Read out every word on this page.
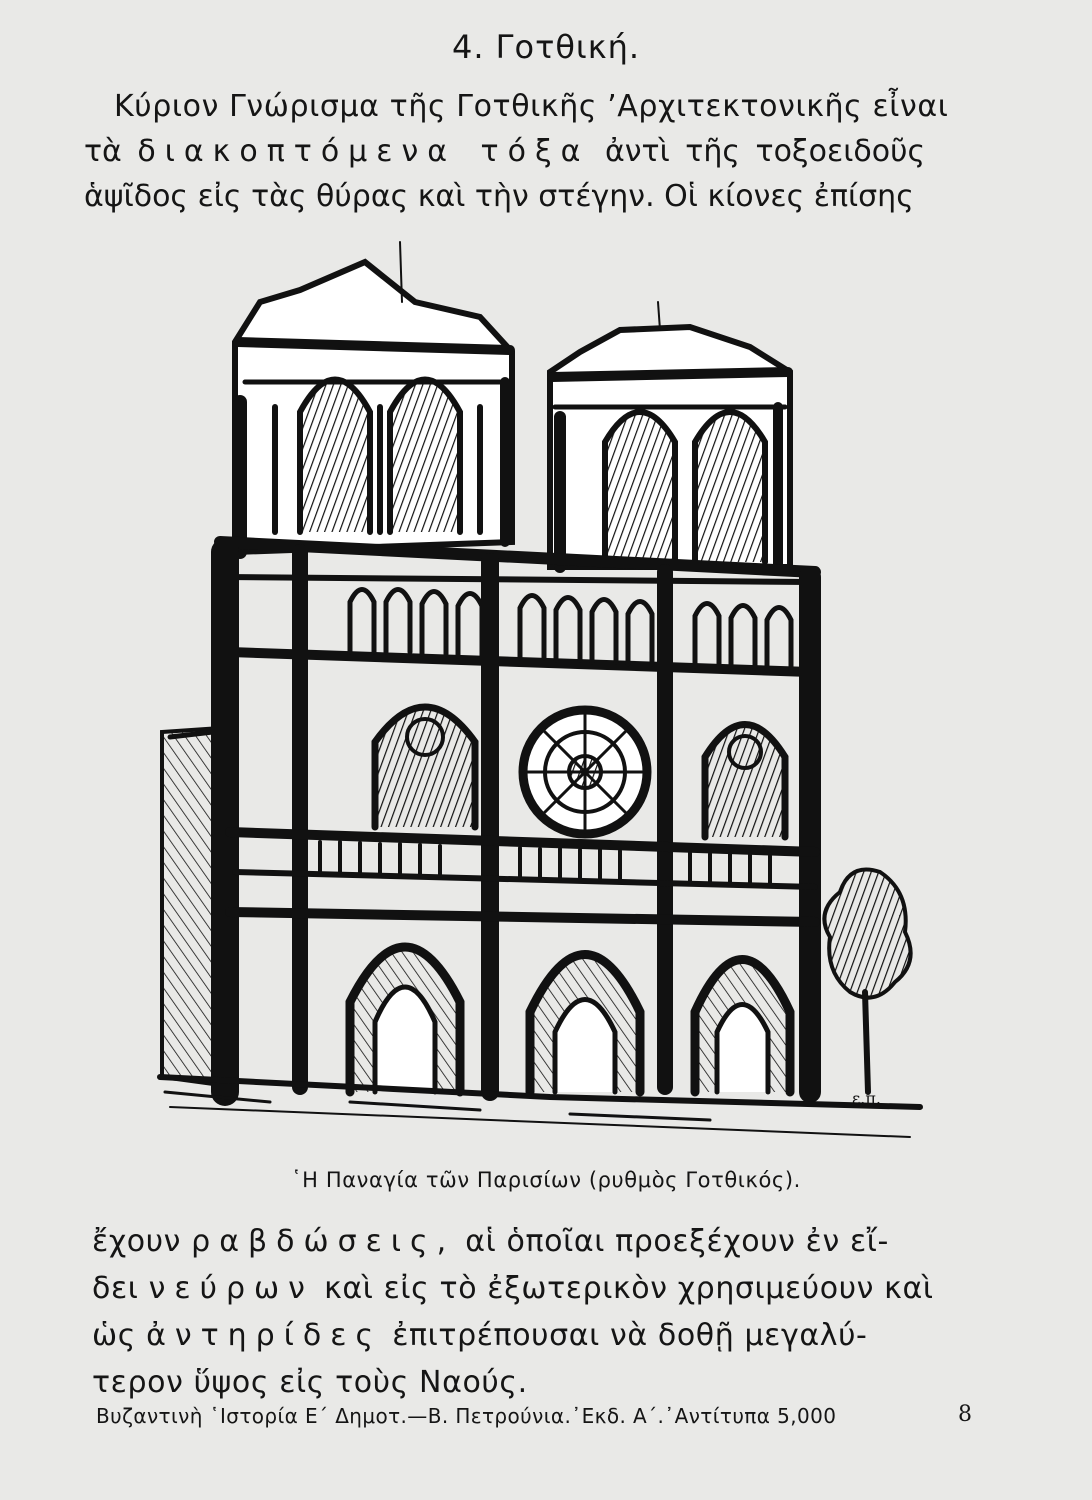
4. Γοτθική.
Κύριον Γνώρισμα τῆς Γοτθικῆς ’Αρχιτεκτονικῆς εἶναι
τὰ διακοπτόμενα τόξα ἀντὶ τῆς τοξοειδοῦς
ἁψῖδος εἰς τὰς θύρας καὶ τὴν στέγην. Οἱ κίονες ἐπίσης
ε.π.
῾Η Παναγία τῶν Παρισίων (ρυθμὸς Γοτθικός).
ἔχουν ραβδώσεις, αἱ ὁποῖαι προεξέχουν ἐν εἴ-
δει νεύρων καὶ εἰς τὸ ἐξωτερικὸν χρησιμεύουν καὶ
ὡς ἀντηρίδες ἐπιτρέπουσαι νὰ δοθῇ μεγαλύ-
τερον ὕψος εἰς τοὺς Ναούς.
Βυζαντινὴ ῾Ιστορία Ε΄ Δημοτ.—Β. Πετρούνια.᾿Εκδ. Α΄.᾿Αντίτυπα 5,000	8
